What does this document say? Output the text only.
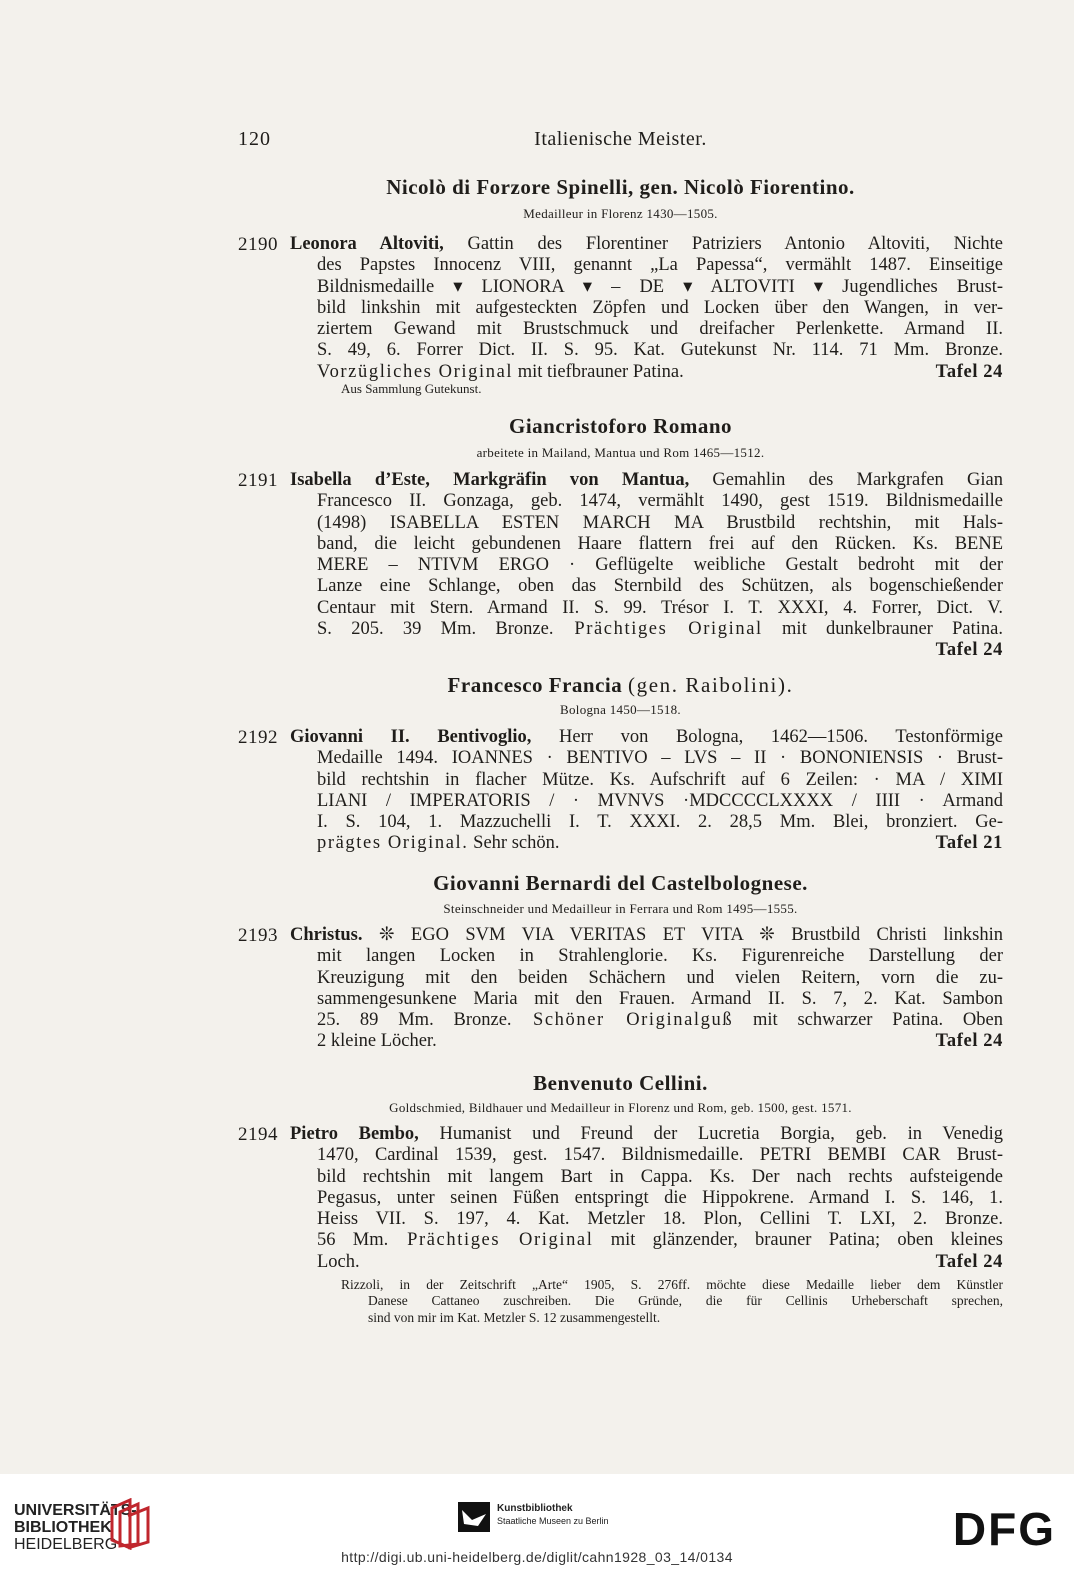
120	Italienische Meister.
Nicolò di Forzore Spinelli, gen. Nicolò Fiorentino.
Medailleur in Florenz 1430—1505.
2190 Leonora Altoviti, Gattin des Florentiner Patriziers Antonio Altoviti, Nichte
des Papstes Innocenz VIII, genannt „La Papessa“, vermählt 1487. Einseitige
Bildnismedaille ▾ LIONORA ▾ – DE ▾ ALTOVITI ▾ Jugendliches Brust-
bild linkshin mit aufgesteckten Zöpfen und Locken über den Wangen, in ver-
ziertem Gewand mit Brustschmuck und dreifacher Perlenkette. Armand II.
S. 49, 6. Forrer Dict. II. S. 95. Kat. Gutekunst Nr. 114. 71 Mm. Bronze.
Vorzügliches Original mit tiefbrauner Patina.	Tafel 24
Aus Sammlung Gutekunst.
Giancristoforo Romano
arbeitete in Mailand, Mantua und Rom 1465—1512.
2191 Isabella d’Este, Markgräfin von Mantua, Gemahlin des Markgrafen Gian
Francesco II. Gonzaga, geb. 1474, vermählt 1490, gest 1519. Bildnismedaille
(1498) ISABELLA ESTEN MARCH MA Brustbild rechtshin, mit Hals-
band, die leicht gebundenen Haare flattern frei auf den Rücken. Ks. BENE
MERE – NTIVM ERGO · Geflügelte weibliche Gestalt bedroht mit der
Lanze eine Schlange, oben das Sternbild des Schützen, als bogenschießender
Centaur mit Stern. Armand II. S. 99. Trésor I. T. XXXI, 4. Forrer, Dict. V.
S. 205. 39 Mm. Bronze. Prächtiges Original mit dunkelbrauner Patina.
Tafel 24
Francesco Francia (gen. Raibolini).
Bologna 1450—1518.
2192 Giovanni II. Bentivoglio, Herr von Bologna, 1462—1506. Testonförmige
Medaille 1494. IOANNES · BENTIVO – LVS – II · BONONIENSIS · Brust-
bild rechtshin in flacher Mütze. Ks. Aufschrift auf 6 Zeilen: · MA / XIMI
LIANI / IMPERATORIS / · MVNVS ·MDCCCCLXXXX / IIII · Armand
I. S. 104, 1. Mazzuchelli I. T. XXXI. 2. 28,5 Mm. Blei, bronziert. Ge-
prägtes Original. Sehr schön.	Tafel 21
Giovanni Bernardi del Castelbolognese.
Steinschneider und Medailleur in Ferrara und Rom 1495—1555.
2193 Christus. ❊ EGO SVM VIA VERITAS ET VITA ❊ Brustbild Christi linkshin
mit langen Locken in Strahlenglorie. Ks. Figurenreiche Darstellung der
Kreuzigung mit den beiden Schächern und vielen Reitern, vorn die zu-
sammengesunkene Maria mit den Frauen. Armand II. S. 7, 2. Kat. Sambon
25. 89 Mm. Bronze. Schöner Originalguß mit schwarzer Patina. Oben
2 kleine Löcher.	Tafel 24
Benvenuto Cellini.
Goldschmied, Bildhauer und Medailleur in Florenz und Rom, geb. 1500, gest. 1571.
2194 Pietro Bembo, Humanist und Freund der Lucretia Borgia, geb. in Venedig
1470, Cardinal 1539, gest. 1547. Bildnismedaille. PETRI BEMBI CAR Brust-
bild rechtshin mit langem Bart in Cappa. Ks. Der nach rechts aufsteigende
Pegasus, unter seinen Füßen entspringt die Hippokrene. Armand I. S. 146, 1.
Heiss VII. S. 197, 4. Kat. Metzler 18. Plon, Cellini T. LXI, 2. Bronze.
56 Mm. Prächtiges Original mit glänzender, brauner Patina; oben kleines
Loch.	Tafel 24
Rizzoli, in der Zeitschrift „Arte“ 1905, S. 276ff. möchte diese Medaille lieber dem Künstler
Danese Cattaneo zuschreiben. Die Gründe, die für Cellinis Urheberschaft sprechen,
sind von mir im Kat. Metzler S. 12 zusammengestellt.
UNIVERSITÄTS-
BIBLIOTHEK
HEIDELBERG
Kunstbibliothek
Staatliche Museen zu Berlin	DFG
http://digi.ub.uni-heidelberg.de/diglit/cahn1928_03_14/0134
